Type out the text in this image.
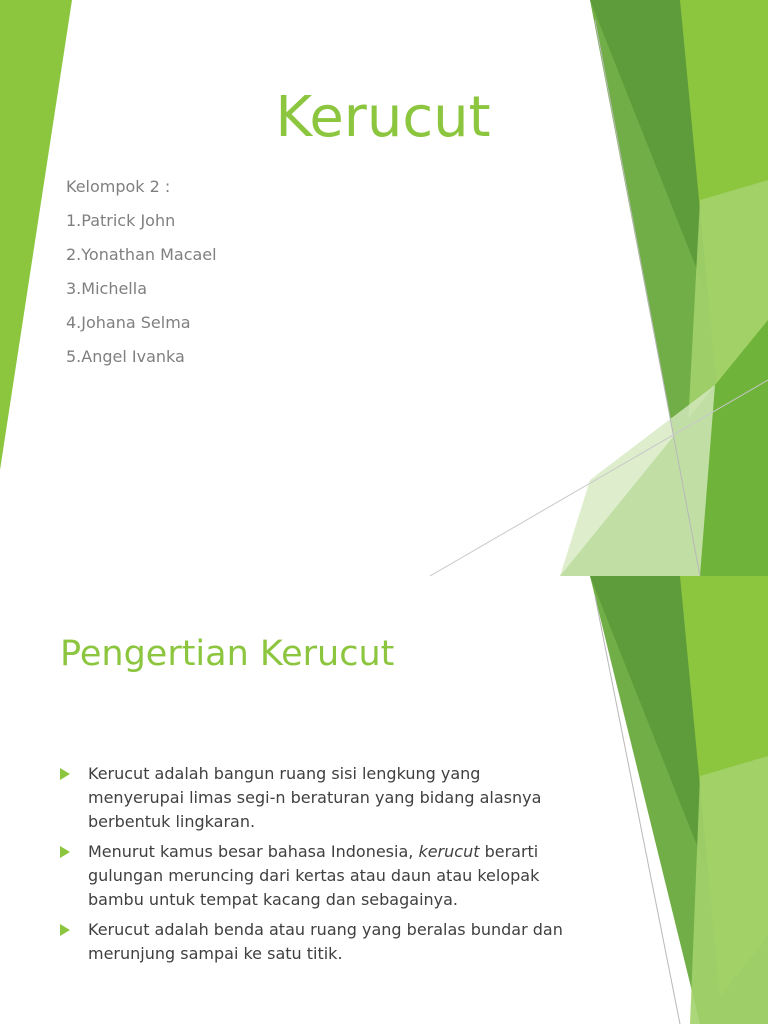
Kerucut
Kelompok 2 :
1.Patrick John
2.Yonathan Macael
3.Michella
4.Johana Selma
5.Angel Ivanka
Pengertian Kerucut
Kerucut adalah bangun ruang sisi lengkung yang menyerupai limas segi-n beraturan yang bidang alasnya berbentuk lingkaran.
Menurut kamus besar bahasa Indonesia, kerucut berarti gulungan meruncing dari kertas atau daun atau kelopak bambu untuk tempat kacang dan sebagainya.
Kerucut adalah benda atau ruang yang beralas bundar dan merunjung sampai ke satu titik.
